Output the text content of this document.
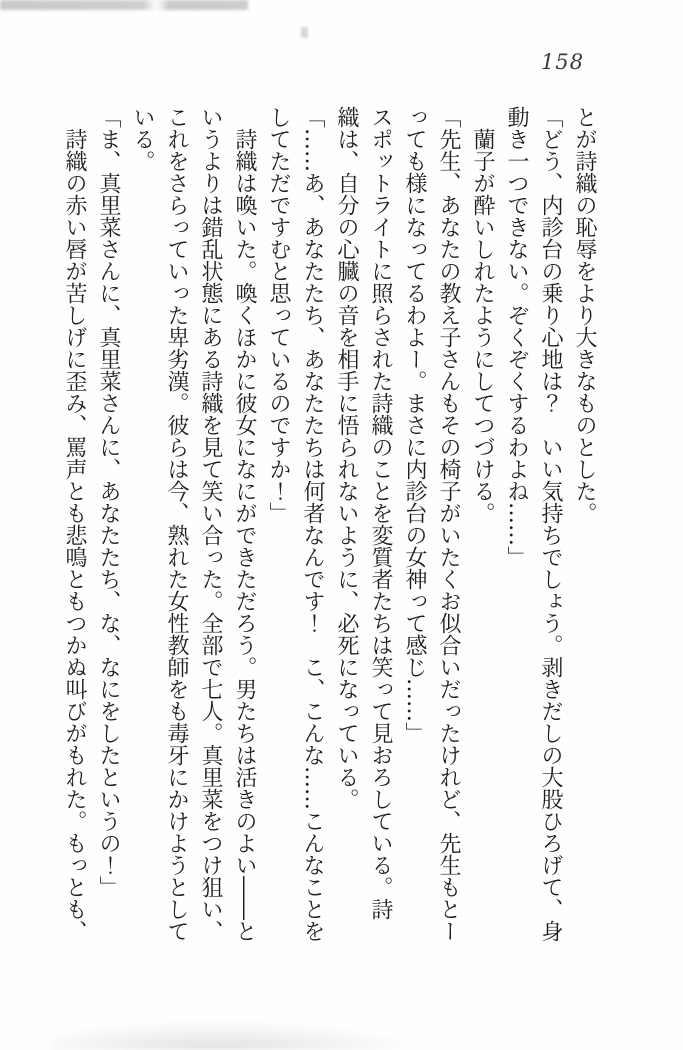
158

とが詩織の恥辱をより大きなものとした。

「どう、内診台の乗り心地は？　いい気持ちでしょう。剥きだしの大股ひろげて、身

動き一つできない。ぞくぞくするわよね……」

　蘭子が酔いしれたようにしてつづける。

「先生、あなたの教え子さんもその椅子がいたくお似合いだったけれど、先生もとー

っても様になってるわよー。まさに内診台の女神って感じ……」

スポットライトに照らされた詩織のことを変質者たちは笑って見おろしている。詩

織は、自分の心臓の音を相手に悟られないように、必死になっている。

「……あ、あなたたち、あなたたちは何者なんです！　こ、こんな……こんなことを

してただですむと思っているのですか！」

　詩織は喚いた。喚くほかに彼女になにができただろう。男たちは活きのよい――と

いうよりは錯乱状態にある詩織を見て笑い合った。全部で七人。真里菜をつけ狙い、

これをさらっていった卑劣漢。彼らは今、熟れた女性教師をも毒牙にかけようとして

いる。

「ま、真里菜さんに、真里菜さんに、あなたたち、な、なにをしたというの！」

　詩織の赤い唇が苦しげに歪み、罵声とも悲鳴ともつかぬ叫びがもれた。もっとも、
